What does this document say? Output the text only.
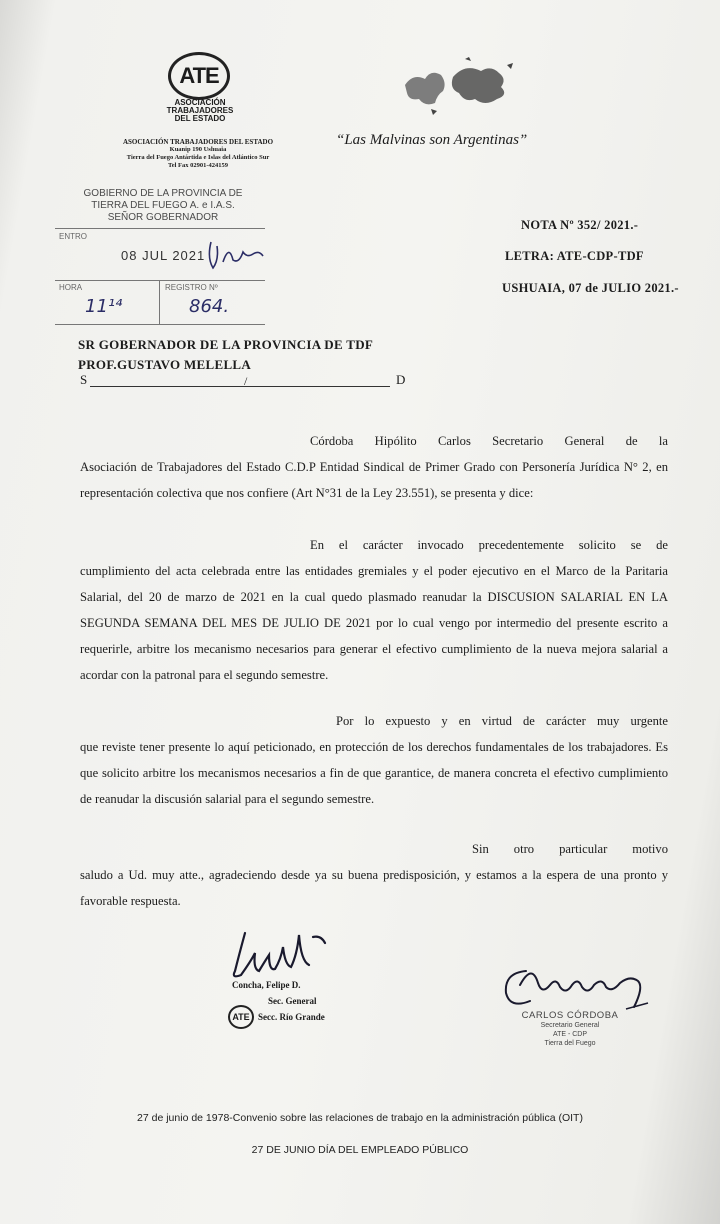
ATE
ASOCIACIÓN
TRABAJADORES
DEL ESTADO
ASOCIACIÓN TRABAJADORES DEL ESTADO
Kuanip 190 Ushuaia
Tierra del Fuego Antártida e Islas del Atlántico Sur
Tel Fax 02901-424159
“Las Malvinas son Argentinas”
GOBIERNO DE LA PROVINCIA DE
TIERRA DEL FUEGO A. e I.A.S.
SEÑOR GOBERNADOR
ENTRO
08 JUL 2021
HORA	REGISTRO Nº
11¹⁴	864.
NOTA Nº 352/ 2021.-
LETRA: ATE-CDP-TDF
USHUAIA, 07 de JULIO 2021.-
SR GOBERNADOR DE LA PROVINCIA DE TDF
PROF.GUSTAVO MELELLA
S	/	D
Córdoba Hipólito Carlos Secretario General de la
Asociación de Trabajadores del Estado C.D.P Entidad Sindical de Primer Grado con Personería Jurídica N° 2, en representación colectiva que nos confiere (Art N°31 de la Ley 23.551), se presenta y dice:
En el carácter invocado precedentemente solicito se de
cumplimiento del acta celebrada entre las entidades gremiales y el poder ejecutivo en el Marco de la Paritaria Salarial, del 20 de marzo de 2021 en la cual quedo plasmado reanudar la DISCUSION SALARIAL EN LA SEGUNDA SEMANA DEL MES DE JULIO DE 2021 por lo cual vengo por intermedio del presente escrito a requerirle, arbitre los mecanismo necesarios para generar el efectivo cumplimiento de la nueva mejora salarial a acordar con la patronal para el segundo semestre.
Por lo expuesto y en virtud de carácter muy urgente
que reviste tener presente lo aquí peticionado, en protección de los derechos fundamentales de los trabajadores. Es que solicito arbitre los mecanismos necesarios a fin de que garantice, de manera concreta el efectivo cumplimiento de reanudar la discusión salarial para el segundo semestre.
Sin otro particular motivo
saludo a Ud. muy atte., agradeciendo desde ya su buena predisposición, y estamos a la espera de una pronto y favorable respuesta.
Concha, Felipe D.
Sec. General
ATE Secc. Río Grande	CARLOS CÓRDOBA
Secretario General
ATE - CDP
Tierra del Fuego
27 de junio de 1978-Convenio sobre las relaciones de trabajo en la administración pública (OIT)
27 DE JUNIO DÍA DEL EMPLEADO PÚBLICO
